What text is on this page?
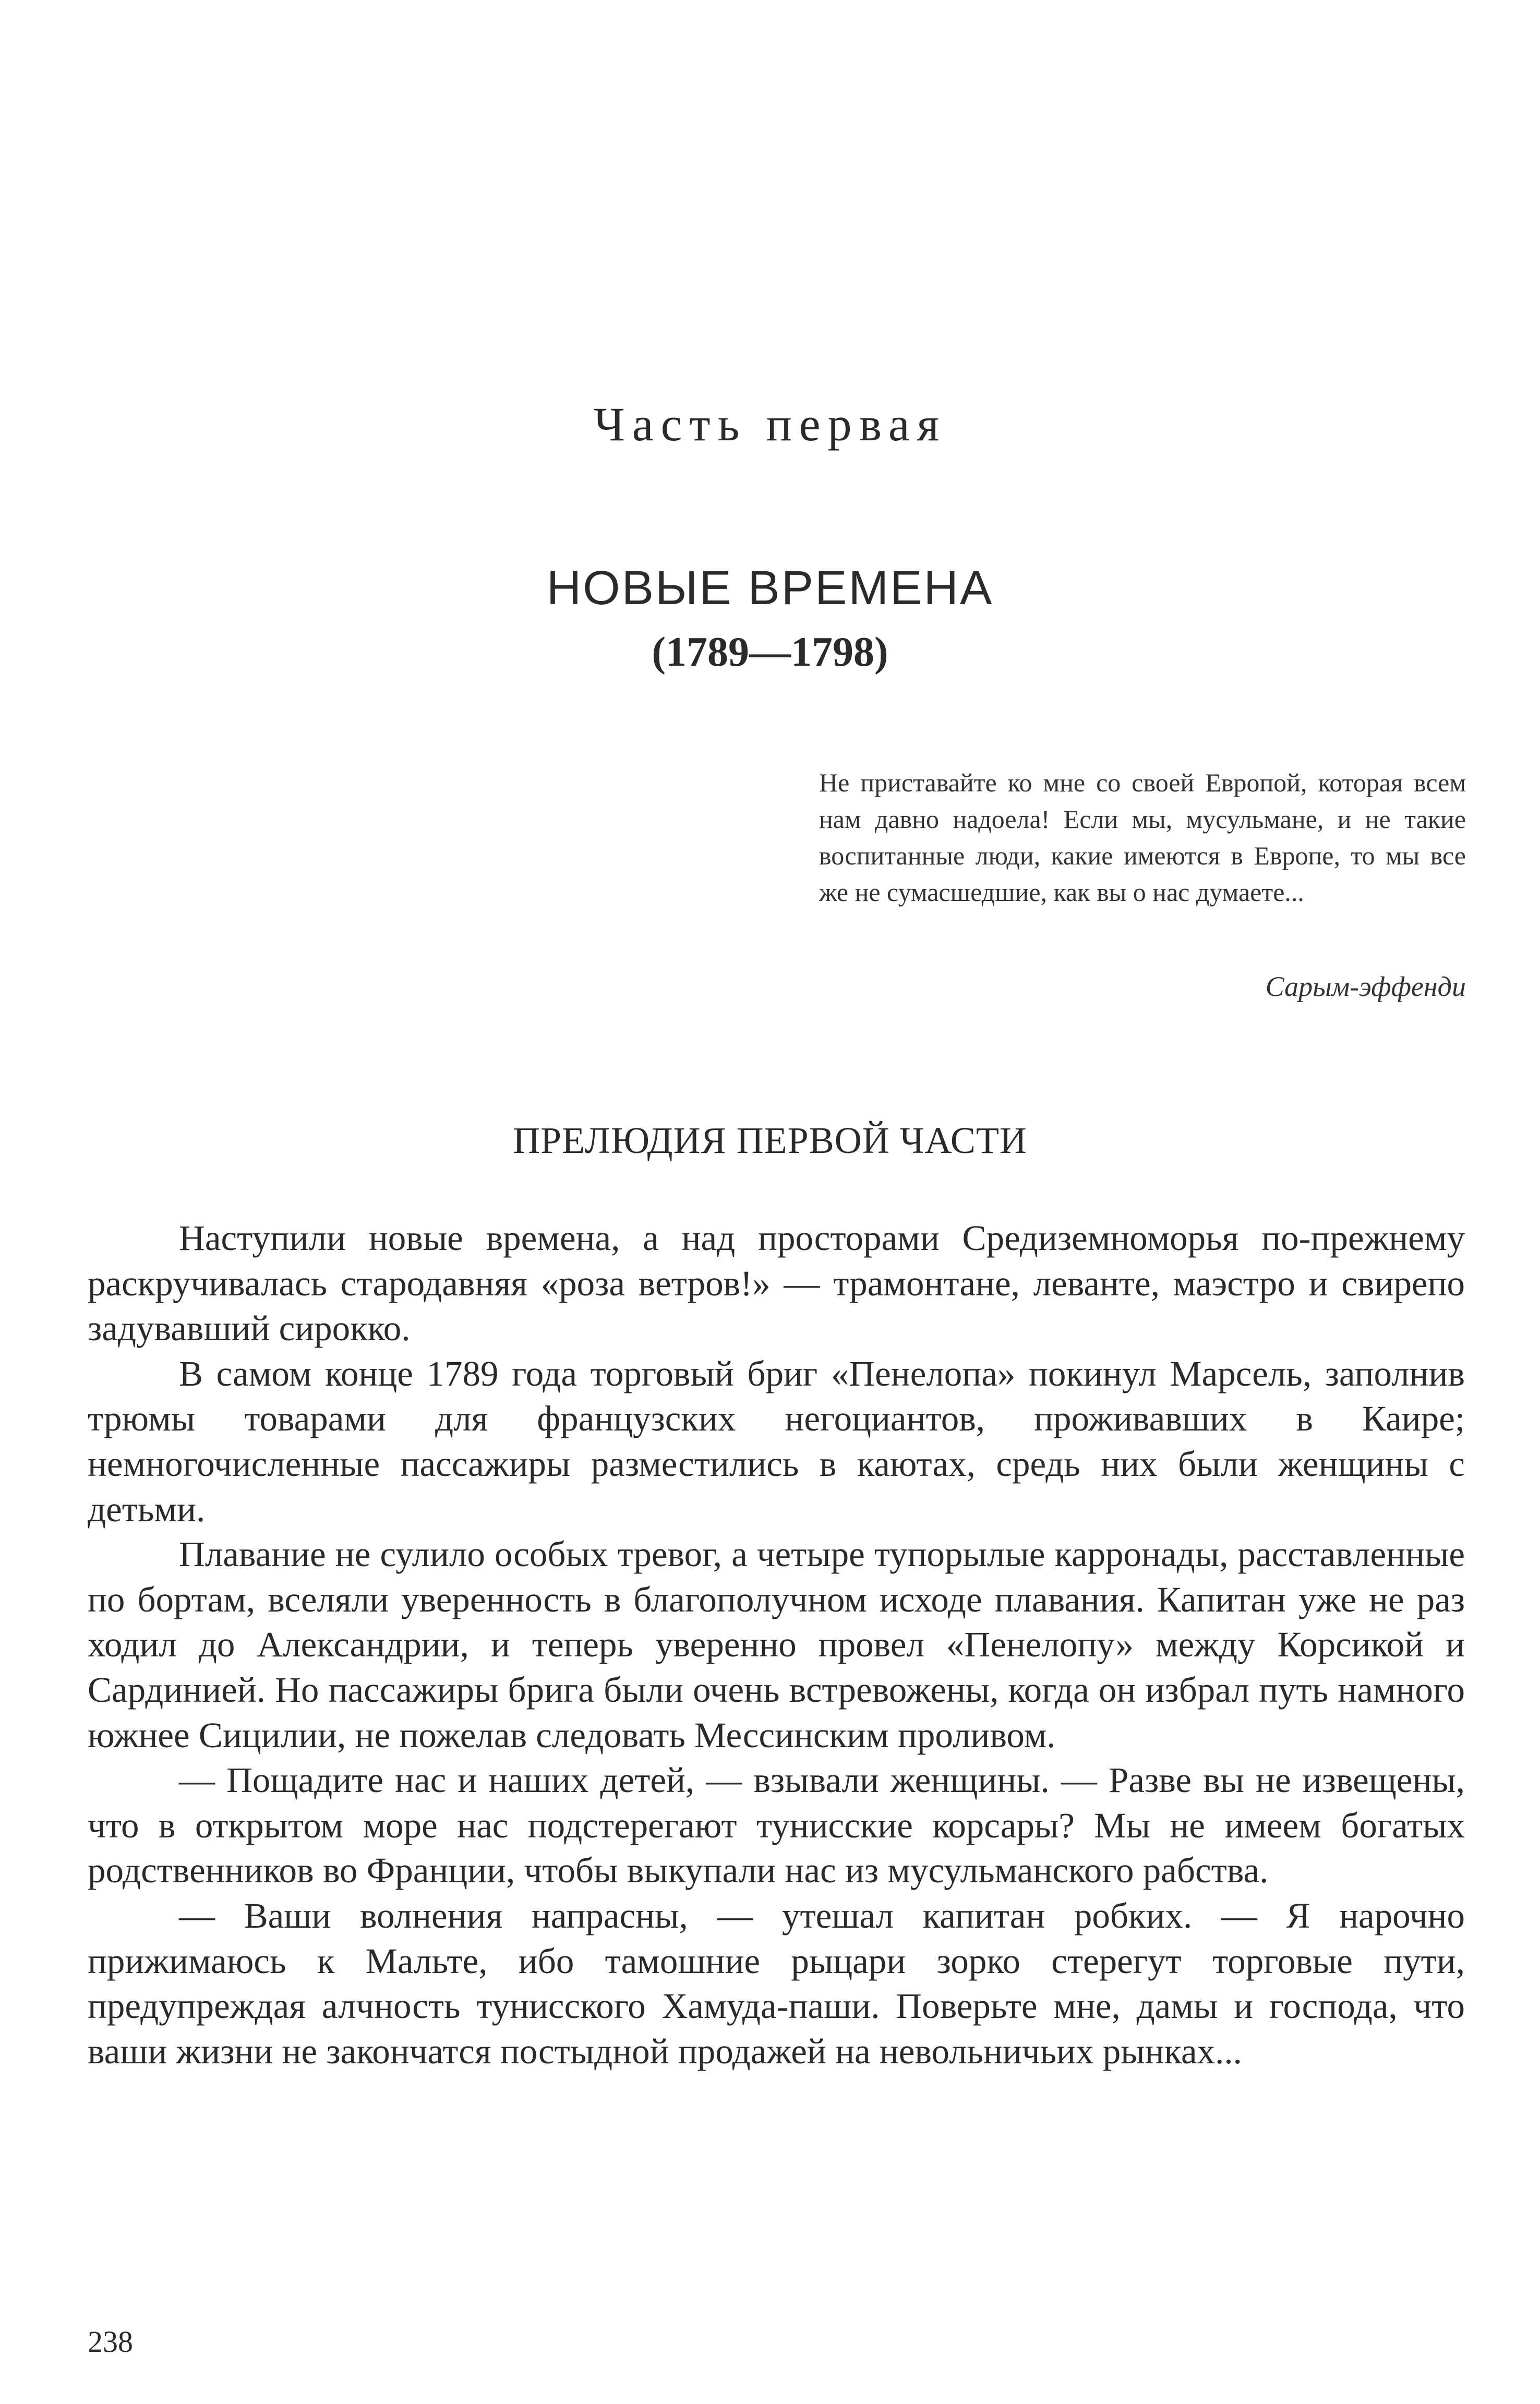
Часть первая
НОВЫЕ ВРЕМЕНА
(1789—1798)
Не приставайте ко мне со своей Европой, которая всем нам давно надоела! Если мы, мусульмане, и не такие воспитанные люди, какие имеются в Европе, то мы все же не сумасшедшие, как вы о нас думаете...
Сарым-эффенди
ПРЕЛЮДИЯ ПЕРВОЙ ЧАСТИ

Наступили новые времена, а над просторами Средиземноморья по-прежнему раскручивалась стародавняя «роза ветров!» — трамонтане, леванте, маэстро и свирепо задувавший сирокко.

В самом конце 1789 года торговый бриг «Пенелопа» покинул Марсель, заполнив трюмы товарами для французских негоциантов, проживавших в Каире; немногочисленные пассажиры разместились в каютах, средь них были женщины с детьми.

Плавание не сулило особых тревог, а четыре тупорылые карронады, расставленные по бортам, вселяли уверенность в благополучном исходе плавания. Капитан уже не раз ходил до Александрии, и теперь уверенно провел «Пенелопу» между Корсикой и Сардинией. Но пассажиры брига были очень встревожены, когда он избрал путь намного южнее Сицилии, не пожелав следовать Мессинским проливом.

— Пощадите нас и наших детей, — взывали женщины. — Разве вы не извещены, что в открытом море нас подстерегают тунисские корсары? Мы не имеем богатых родственников во Франции, чтобы выкупали нас из мусульманского рабства.

— Ваши волнения напрасны, — утешал капитан робких. — Я нарочно прижимаюсь к Мальте, ибо тамошние рыцари зорко стерегут торговые пути, предупреждая алчность тунисского Хамуда-паши. Поверьте мне, дамы и господа, что ваши жизни не закончатся постыдной продажей на невольничьих рынках...

238
